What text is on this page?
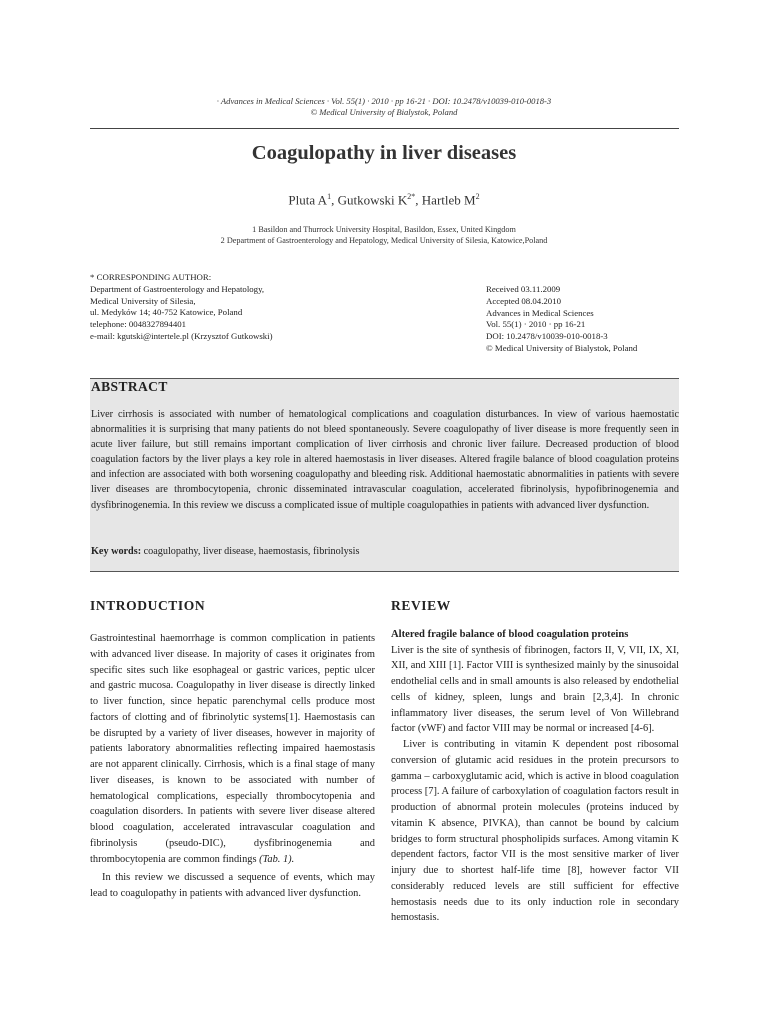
· Advances in Medical Sciences · Vol. 55(1) · 2010 · pp 16-21 · DOI: 10.2478/v10039-010-0018-3
© Medical University of Bialystok, Poland
Coagulopathy in liver diseases
Pluta $A^1$, Gutkowski $K^{2*}$, Hartleb $M^2$
1 Basildon and Thurrock University Hospital, Basildon, Essex, United Kingdom
2 Department of Gastroenterology and Hepatology, Medical University of Silesia, Katowice,Poland
* CORRESPONDING AUTHOR:
Department of Gastroenterology and Hepatology,
Medical University of Silesia,
ul. Medyków 14; 40-752 Katowice, Poland
telephone: 0048327894401
e-mail: kgutski@intertele.pl (Krzysztof Gutkowski)
Received 03.11.2009
Accepted 08.04.2010
Advances in Medical Sciences
Vol. 55(1) · 2010 · pp 16-21
DOI: 10.2478/v10039-010-0018-3
© Medical University of Bialystok, Poland
ABSTRACT

Liver cirrhosis is associated with number of hematological complications and coagulation disturbances. In view of various haemostatic abnormalities it is surprising that many patients do not bleed spontaneously. Severe coagulopathy of liver disease is more frequently seen in acute liver failure, but still remains important complication of liver cirrhosis and chronic liver failure. Decreased production of blood coagulation factors by the liver plays a key role in altered haemostasis in liver diseases. Altered fragile balance of blood coagulation proteins and infection are associated with both worsening coagulopathy and bleeding risk. Additional haemostatic abnormalities in patients with severe liver diseases are thrombocytopenia, chronic disseminated intravascular coagulation, accelerated fibrinolysis, hypofibrinogenemia and dysfibrinogenemia. In this review we discuss a complicated issue of multiple coagulopathies in patients with advanced liver dysfunction.

Key words: coagulopathy, liver disease, haemostasis, fibrinolysis
INTRODUCTION

Gastrointestinal haemorrhage is common complication in patients with advanced liver disease. In majority of cases it originates from specific sites such like esophageal or gastric varices, peptic ulcer and gastric mucosa. Coagulopathy in liver disease is directly linked to liver function, since hepatic parenchymal cells produce most factors of clotting and of fibrinolytic systems[1]. Haemostasis can be disrupted by a variety of liver diseases, however in majority of patients laboratory abnormalities reflecting impaired haemostasis are not apparent clinically. Cirrhosis, which is a final stage of many liver diseases, is known to be associated with number of hematological complications, especially thrombocytopenia and coagulation disorders. In patients with severe liver disease altered blood coagulation, accelerated intravascular coagulation and fibrinolysis (pseudo-DIC), dysfibrinogenemia and thrombocytopenia are common findings (Tab. 1).

In this review we discussed a sequence of events, which may lead to coagulopathy in patients with advanced liver dysfunction.

REVIEW

Altered fragile balance of blood coagulation proteins

Liver is the site of synthesis of fibrinogen, factors II, V, VII, IX, XI, XII, and XIII [1]. Factor VIII is synthesized mainly by the sinusoidal endothelial cells and in small amounts is also released by endothelial cells of kidney, spleen, lungs and brain [2,3,4]. In chronic inflammatory liver diseases, the serum level of Von Willebrand factor (vWF) and factor VIII may be normal or increased [4-6].

Liver is contributing in vitamin K dependent post ribosomal conversion of glutamic acid residues in the protein precursors to gamma – carboxyglutamic acid, which is active in blood coagulation process [7]. A failure of carboxylation of coagulation factors result in production of abnormal protein molecules (proteins induced by vitamin K absence, PIVKA), than cannot be bound by calcium bridges to form structural phospholipids surfaces. Among vitamin K dependent factors, factor VII is the most sensitive marker of liver injury due to shortest half-life time [8], however factor VII considerably reduced levels are still sufficient for effective hemostasis needs due to its only induction role in secondary hemostasis.
